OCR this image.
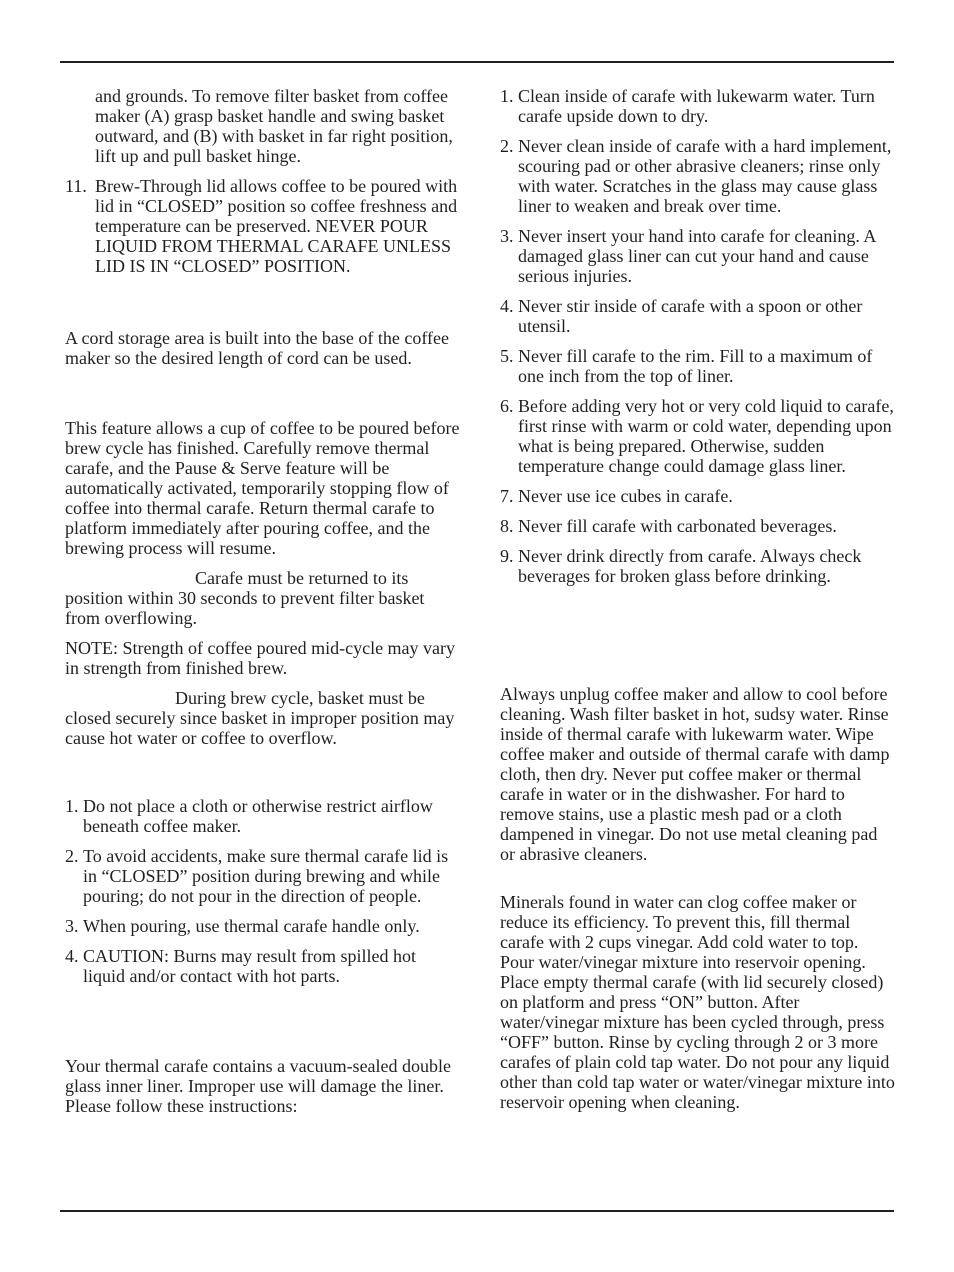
and grounds. To remove filter basket from coffee maker (A) grasp basket handle and swing basket outward, and (B) with basket in far right position, lift up and pull basket hinge.

11. Brew-Through lid allows coffee to be poured with lid in “CLOSED” position so coffee freshness and temperature can be preserved. NEVER POUR LIQUID FROM THERMAL CARAFE UNLESS LID IS IN “CLOSED” POSITION.

A cord storage area is built into the base of the coffee maker so the desired length of cord can be used.

This feature allows a cup of coffee to be poured before brew cycle has finished. Carefully remove thermal carafe, and the Pause & Serve feature will be automatically activated, temporarily stopping flow of coffee into thermal carafe. Return thermal carafe to platform immediately after pouring coffee, and the brewing process will resume.

Carafe must be returned to its position within 30 seconds to prevent filter basket from overflowing.

NOTE: Strength of coffee poured mid-cycle may vary in strength from finished brew.

During brew cycle, basket must be closed securely since basket in improper position may cause hot water or coffee to overflow.

1. Do not place a cloth or otherwise restrict airflow beneath coffee maker.
2. To avoid accidents, make sure thermal carafe lid is in “CLOSED” position during brewing and while pouring; do not pour in the direction of people.
3. When pouring, use thermal carafe handle only.
4. CAUTION: Burns may result from spilled hot liquid and/or contact with hot parts.

Your thermal carafe contains a vacuum-sealed double glass inner liner. Improper use will damage the liner. Please follow these instructions:

1. Clean inside of carafe with lukewarm water. Turn carafe upside down to dry.
2. Never clean inside of carafe with a hard implement, scouring pad or other abrasive cleaners; rinse only with water. Scratches in the glass may cause glass liner to weaken and break over time.
3. Never insert your hand into carafe for cleaning. A damaged glass liner can cut your hand and cause serious injuries.
4. Never stir inside of carafe with a spoon or other utensil.
5. Never fill carafe to the rim. Fill to a maximum of one inch from the top of liner.
6. Before adding very hot or very cold liquid to carafe, first rinse with warm or cold water, depending upon what is being prepared. Otherwise, sudden temperature change could damage glass liner.
7. Never use ice cubes in carafe.
8. Never fill carafe with carbonated beverages.
9. Never drink directly from carafe. Always check beverages for broken glass before drinking.

Always unplug coffee maker and allow to cool before cleaning. Wash filter basket in hot, sudsy water. Rinse inside of thermal carafe with lukewarm water. Wipe coffee maker and outside of thermal carafe with damp cloth, then dry. Never put coffee maker or thermal carafe in water or in the dishwasher. For hard to remove stains, use a plastic mesh pad or a cloth dampened in vinegar. Do not use metal cleaning pad or abrasive cleaners.

Minerals found in water can clog coffee maker or reduce its efficiency. To prevent this, fill thermal carafe with 2 cups vinegar. Add cold water to top. Pour water/vinegar mixture into reservoir opening. Place empty thermal carafe (with lid securely closed) on platform and press “ON” button. After water/vinegar mixture has been cycled through, press “OFF” button. Rinse by cycling through 2 or 3 more carafes of plain cold tap water. Do not pour any liquid other than cold tap water or water/vinegar mixture into reservoir opening when cleaning.
